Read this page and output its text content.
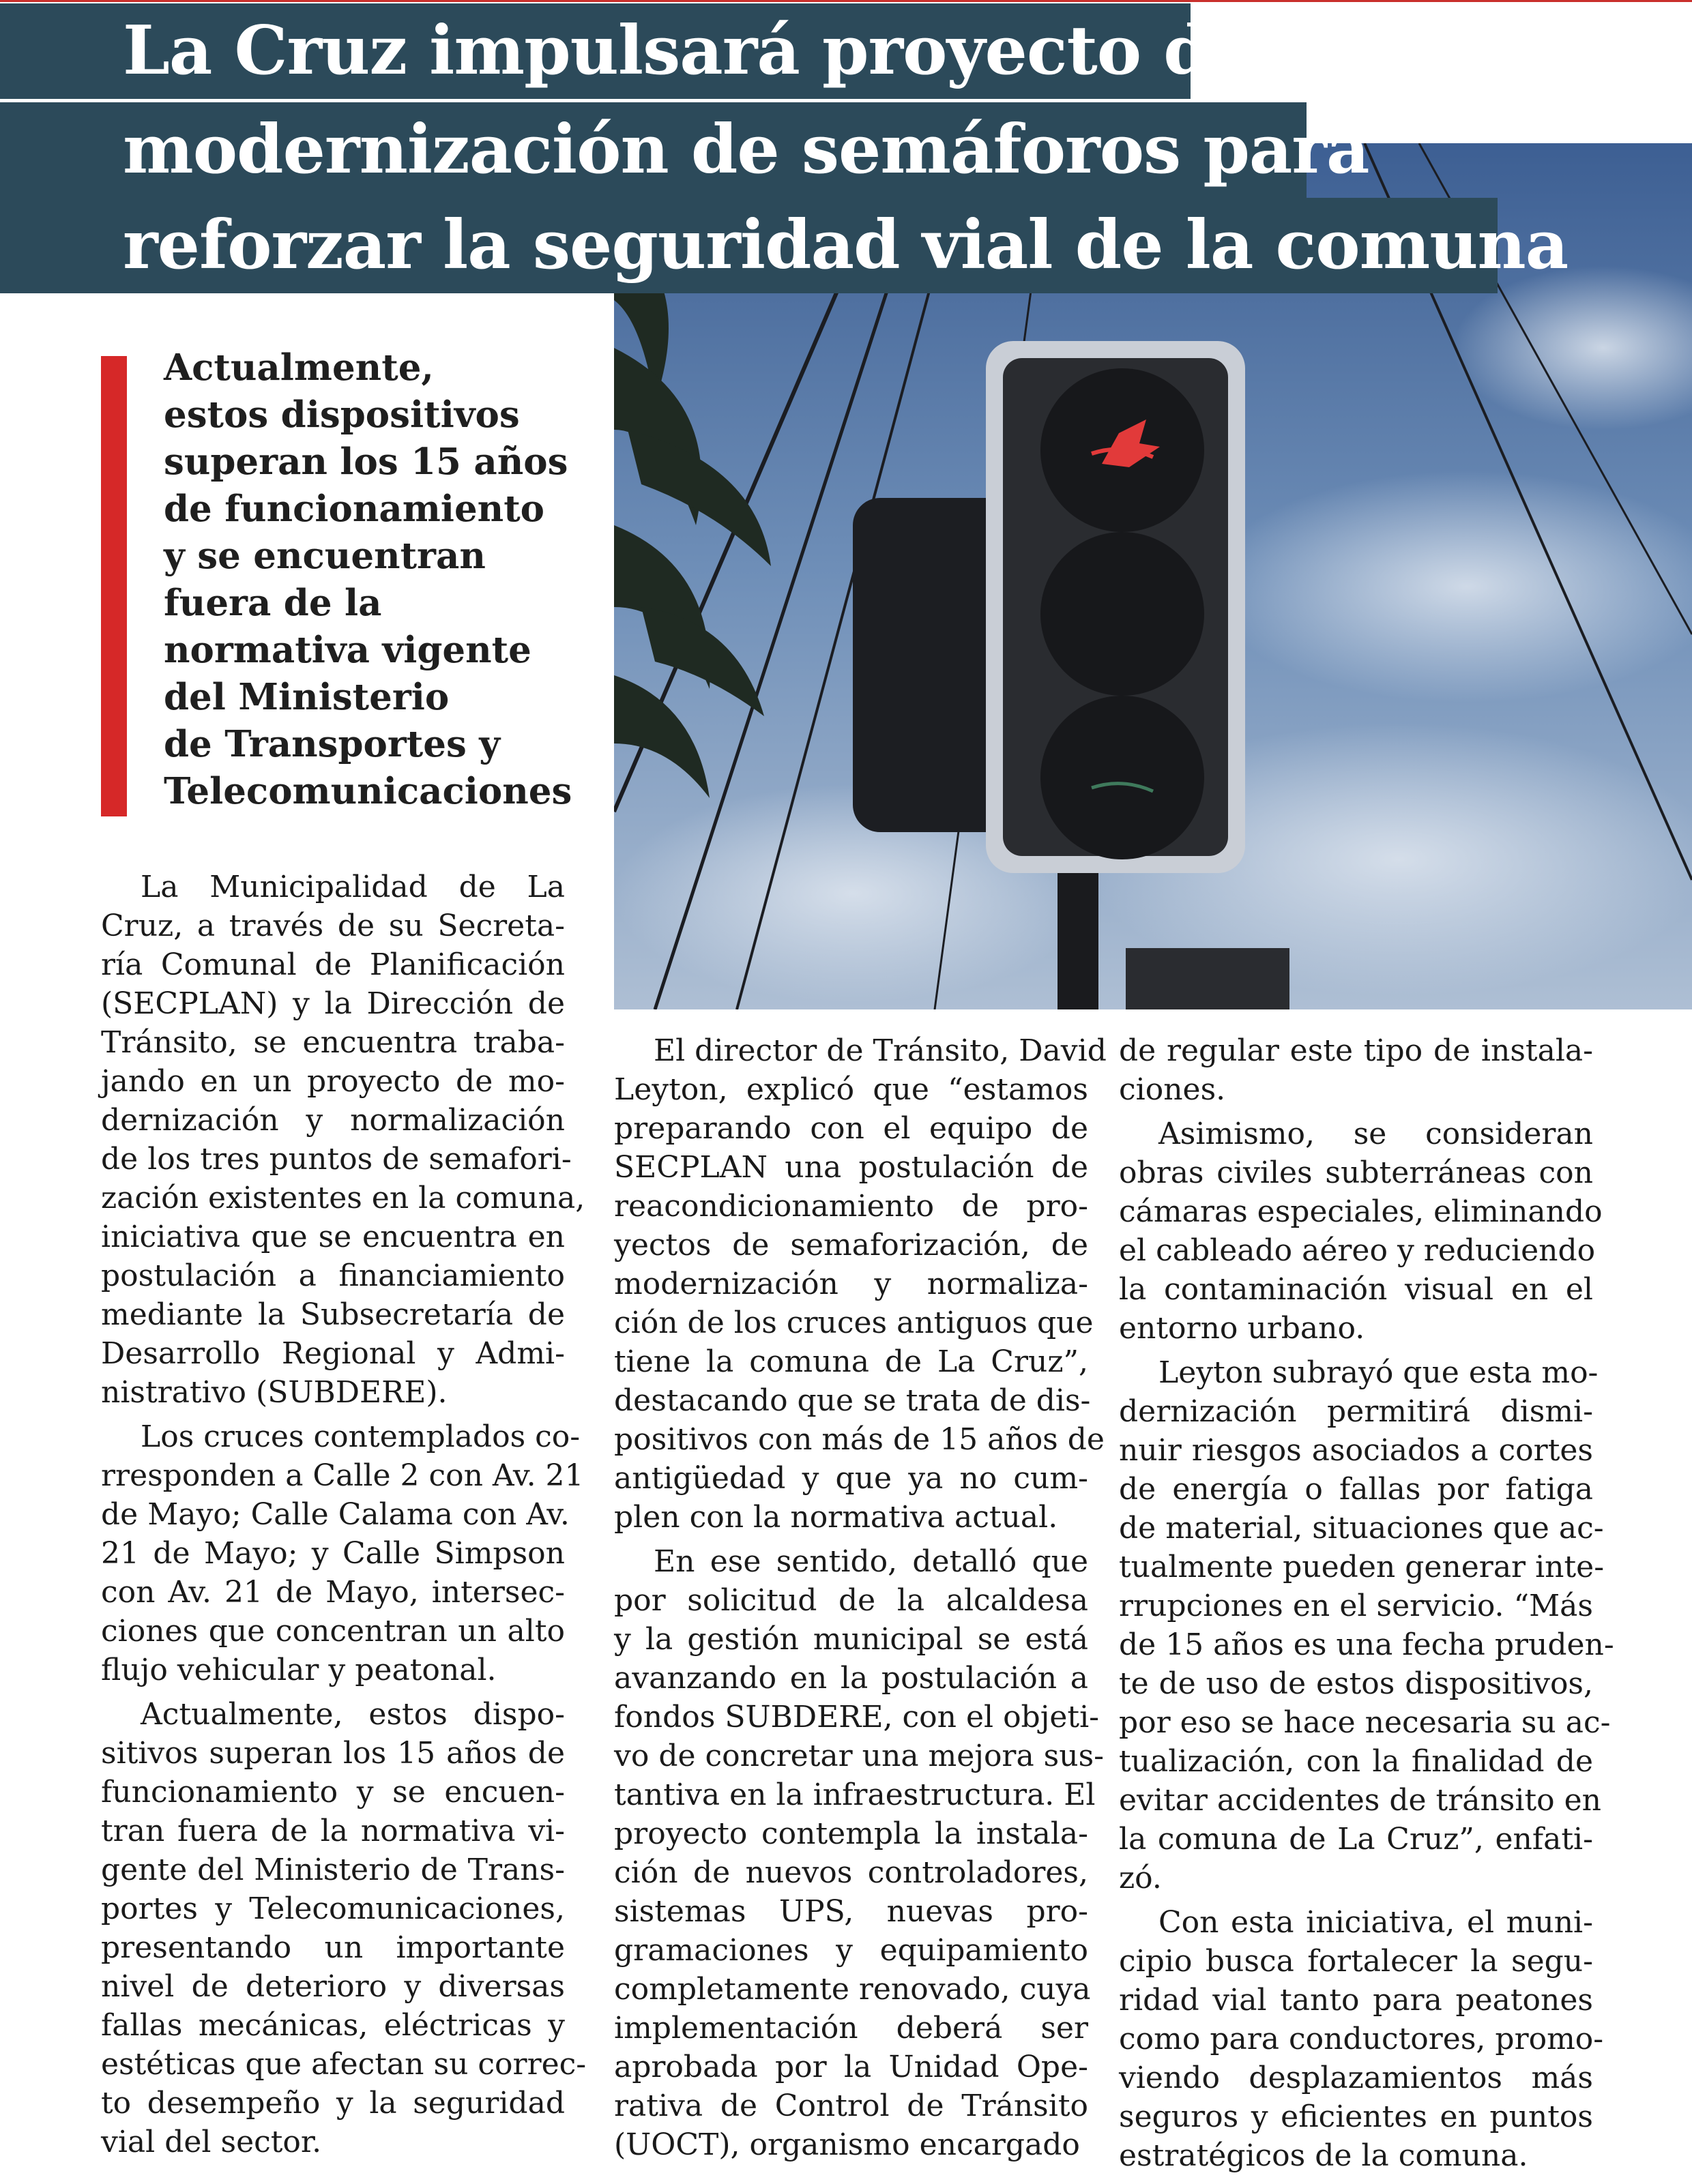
La Cruz impulsará proyecto de
modernización de semáforos para
reforzar la seguridad vial de la comuna
Actualmente,
estos dispositivos
superan los 15 años
de funcionamiento
y se encuentran
fuera de la
normativa vigente
del Ministerio
de Transportes y
Telecomunicaciones
La Municipalidad de La
Cruz, a través de su Secreta-
ría Comunal de Planificación
(SECPLAN) y la Dirección de
Tránsito, se encuentra traba-
jando en un proyecto de mo-
dernización y normalización
de los tres puntos de semafori-
zación existentes en la comuna,
iniciativa que se encuentra en
postulación a financiamiento
mediante la Subsecretaría de
Desarrollo Regional y Admi-
nistrativo (SUBDERE).
Los cruces contemplados co-
rresponden a Calle 2 con Av. 21
de Mayo; Calle Calama con Av.
21 de Mayo; y Calle Simpson
con Av. 21 de Mayo, intersec-
ciones que concentran un alto
flujo vehicular y peatonal.
Actualmente, estos dispo-
sitivos superan los 15 años de
funcionamiento y se encuen-
tran fuera de la normativa vi-
gente del Ministerio de Trans-
portes y Telecomunicaciones,
presentando un importante
nivel de deterioro y diversas
fallas mecánicas, eléctricas y
estéticas que afectan su correc-
to desempeño y la seguridad
vial del sector.
El director de Tránsito, David
Leyton, explicó que “estamos
preparando con el equipo de
SECPLAN una postulación de
reacondicionamiento de pro-
yectos de semaforización, de
modernización y normaliza-
ción de los cruces antiguos que
tiene la comuna de La Cruz”,
destacando que se trata de dis-
positivos con más de 15 años de
antigüedad y que ya no cum-
plen con la normativa actual.
En ese sentido, detalló que
por solicitud de la alcaldesa
y la gestión municipal se está
avanzando en la postulación a
fondos SUBDERE, con el objeti-
vo de concretar una mejora sus-
tantiva en la infraestructura. El
proyecto contempla la instala-
ción de nuevos controladores,
sistemas UPS, nuevas pro-
gramaciones y equipamiento
completamente renovado, cuya
implementación deberá ser
aprobada por la Unidad Ope-
rativa de Control de Tránsito
(UOCT), organismo encargado
de regular este tipo de instala-
ciones.
Asimismo, se consideran
obras civiles subterráneas con
cámaras especiales, eliminando
el cableado aéreo y reduciendo
la contaminación visual en el
entorno urbano.
Leyton subrayó que esta mo-
dernización permitirá dismi-
nuir riesgos asociados a cortes
de energía o fallas por fatiga
de material, situaciones que ac-
tualmente pueden generar inte-
rrupciones en el servicio. “Más
de 15 años es una fecha pruden-
te de uso de estos dispositivos,
por eso se hace necesaria su ac-
tualización, con la finalidad de
evitar accidentes de tránsito en
la comuna de La Cruz”, enfati-
zó.
Con esta iniciativa, el muni-
cipio busca fortalecer la segu-
ridad vial tanto para peatones
como para conductores, promo-
viendo desplazamientos más
seguros y eficientes en puntos
estratégicos de la comuna.
